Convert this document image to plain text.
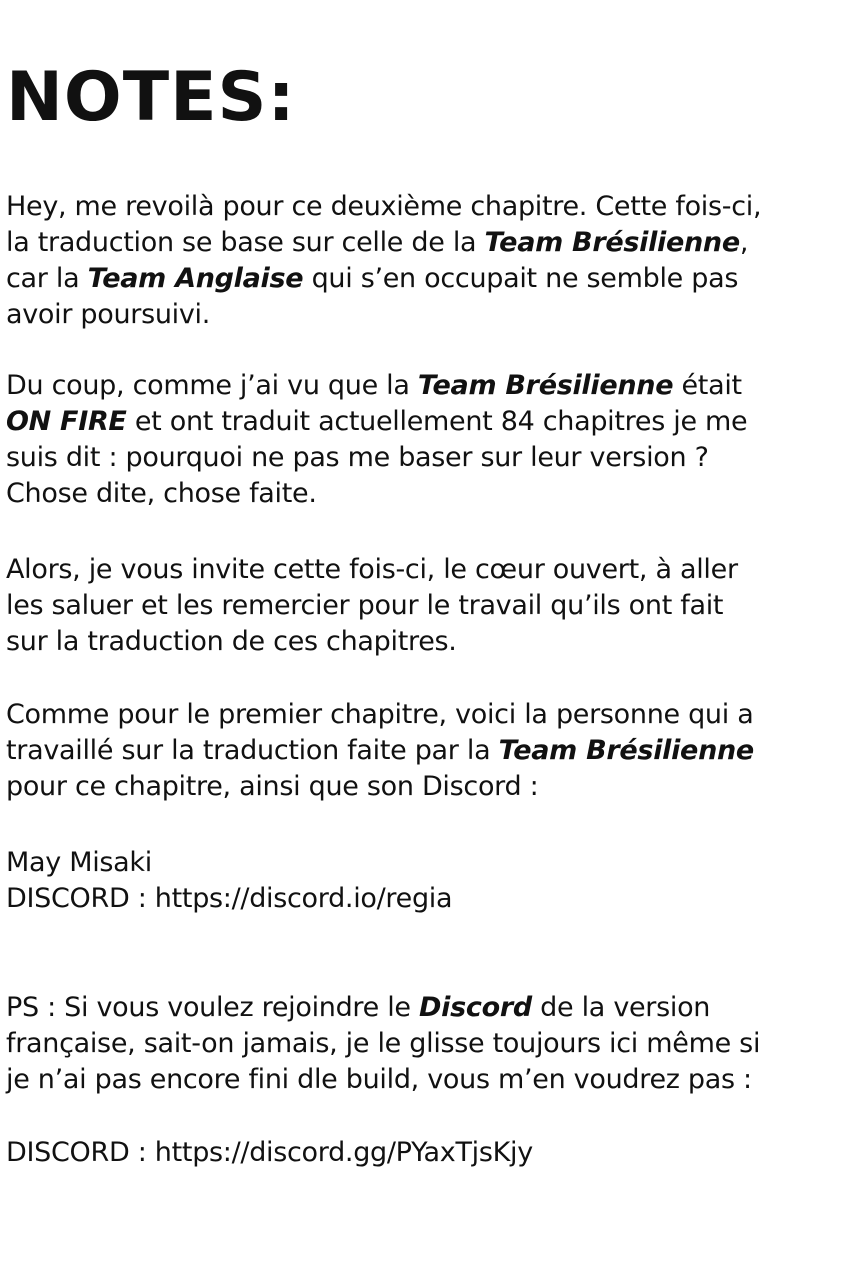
NOTES:

Hey, me revoilà pour ce deuxième chapitre. Cette fois-ci,
la traduction se base sur celle de la Team Brésilienne,
car la Team Anglaise qui s’en occupait ne semble pas
avoir poursuivi.

Du coup, comme j’ai vu que la Team Brésilienne était
ON FIRE et ont traduit actuellement 84 chapitres je me
suis dit : pourquoi ne pas me baser sur leur version ?
Chose dite, chose faite.

Alors, je vous invite cette fois-ci, le cœur ouvert, à aller
les saluer et les remercier pour le travail qu’ils ont fait
sur la traduction de ces chapitres.

Comme pour le premier chapitre, voici la personne qui a
travaillé sur la traduction faite par la Team Brésilienne
pour ce chapitre, ainsi que son Discord :

May Misaki
DISCORD : https://discord.io/regia

PS : Si vous voulez rejoindre le Discord de la version
française, sait-on jamais, je le glisse toujours ici même si
je n’ai pas encore fini dle build, vous m’en voudrez pas :

DISCORD : https://discord.gg/PYaxTjsKjy
